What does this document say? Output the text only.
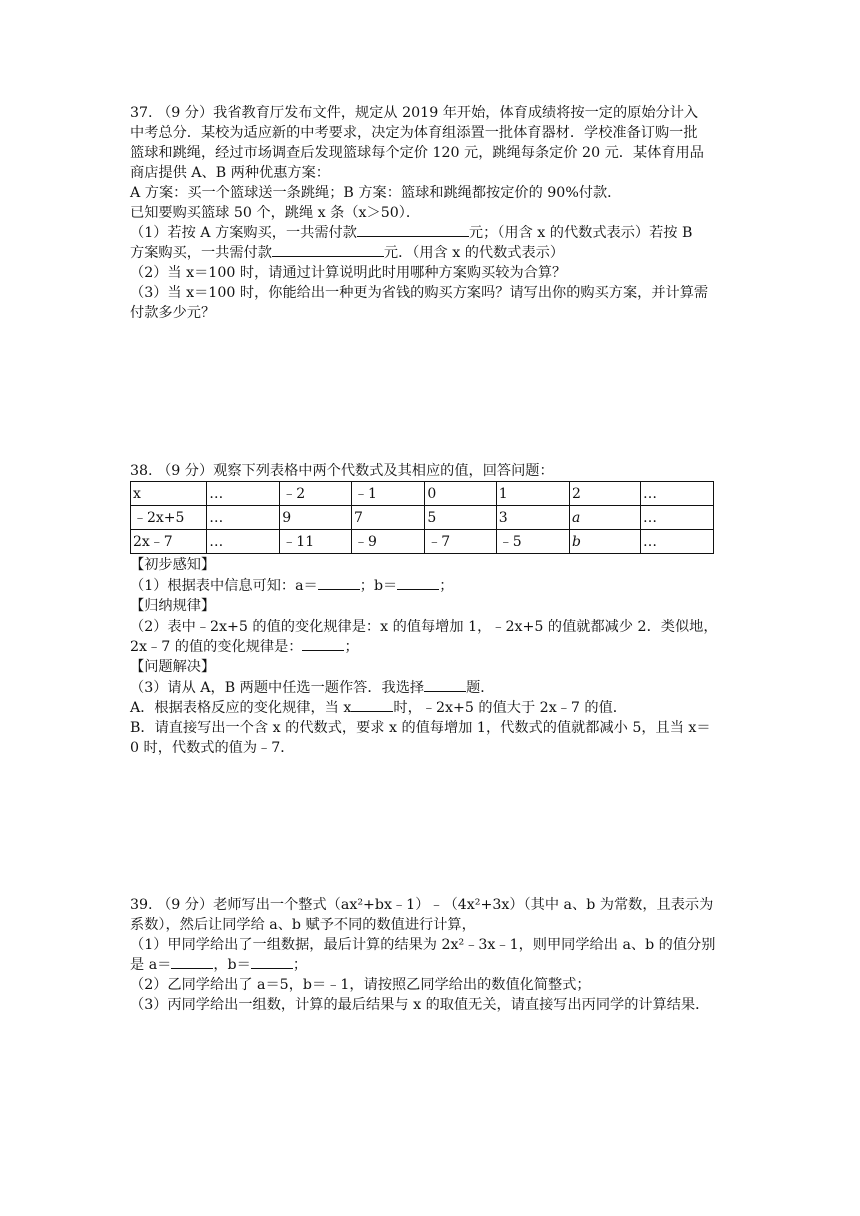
37. （9 分）我省教育厅发布文件，规定从 2019 年开始，体育成绩将按一定的原始分计入
中考总分．某校为适应新的中考要求，决定为体育组添置一批体育器材．学校准备订购一批
篮球和跳绳，经过市场调查后发现篮球每个定价 120 元，跳绳每条定价 20 元．某体育用品
商店提供 A、B 两种优惠方案：
A 方案：买一个篮球送一条跳绳；B 方案：篮球和跳绳都按定价的 90%付款．
已知要购买篮球 50 个，跳绳 x 条（x＞50）．
（1）若按 A 方案购买，一共需付款	元；（用含 x 的代数式表示）若按 B
方案购买，一共需付款	元．（用含 x 的代数式表示）
（2）当 x＝100 时，请通过计算说明此时用哪种方案购买较为合算？
（3）当 x＝100 时，你能给出一种更为省钱的购买方案吗？请写出你的购买方案，并计算需
付款多少元？
38. （9 分）观察下列表格中两个代数式及其相应的值，回答问题：
x	…	﹣2	﹣1	0	1	2	…
﹣2x+5	…	9	7	5	3	a	…
2x﹣7	…	﹣11	﹣9	﹣7	﹣5	b	…
【初步感知】
（1）根据表中信息可知：a＝	；b＝	；
【归纳规律】
（2）表中﹣2x+5 的值的变化规律是：x 的值每增加 1，﹣2x+5 的值就都减少 2．类似地，
2x﹣7 的值的变化规律是：	；
【问题解决】
（3）请从 A，B 两题中任选一题作答．我选择	题．
A．根据表格反应的变化规律，当 x	时，﹣2x+5 的值大于 2x﹣7 的值．
B．请直接写出一个含 x 的代数式，要求 x 的值每增加 1，代数式的值就都减小 5，且当 x＝
0 时，代数式的值为﹣7．
39. （9 分）老师写出一个整式（ax²+bx﹣1）﹣（4x²+3x）（其中 a、b 为常数，且表示为
系数），然后让同学给 a、b 赋予不同的数值进行计算，
（1）甲同学给出了一组数据，最后计算的结果为 2x²﹣3x﹣1，则甲同学给出 a、b 的值分别
是 a＝	，b＝	；
（2）乙同学给出了 a＝5，b＝﹣1，请按照乙同学给出的数值化简整式；
（3）丙同学给出一组数，计算的最后结果与 x 的取值无关，请直接写出丙同学的计算结果．
